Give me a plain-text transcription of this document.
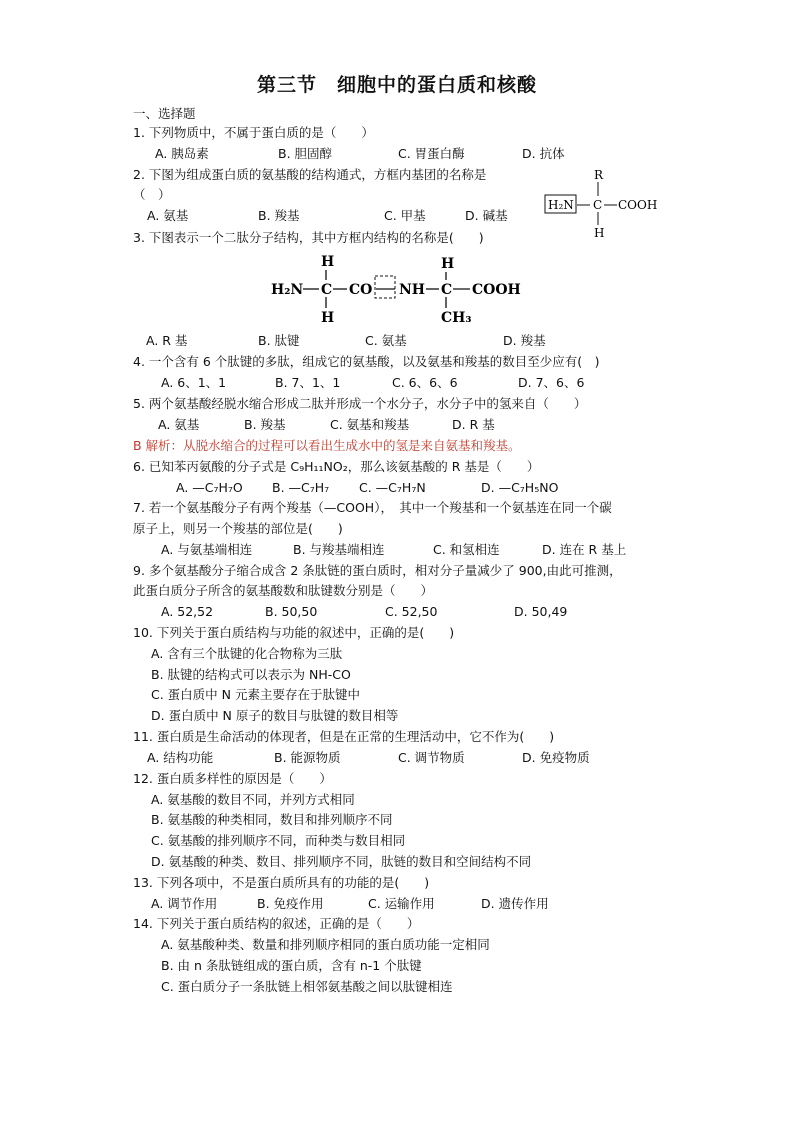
第三节　细胞中的蛋白质和核酸
一、选择题
1. 下列物质中，不属于蛋白质的是（　　）
A. 胰岛素	B. 胆固醇	C. 胃蛋白酶	D. 抗体
2. 下图为组成蛋白质的氨基酸的结构通式，方框内基团的名称是
（　）
A. 氨基	B. 羧基	C. 甲基	D. 碱基
R
H₂N C COOH
H
3. 下图表示一个二肽分子结构，其中方框内结构的名称是(　　)
H	H
H₂N C CO NH C COOH
H	CH₃
A. R 基	B. 肽键	C. 氨基	D. 羧基
4. 一个含有 6 个肽键的多肽，组成它的氨基酸，以及氨基和羧基的数目至少应有(　)
A. 6、1、1	B. 7、1、1	C. 6、6、6	D. 7、6、6
5. 两个氨基酸经脱水缩合形成二肽并形成一个水分子，水分子中的氢来自（　　）
A. 氨基	B. 羧基	C. 氨基和羧基	D. R 基
B 解析：从脱水缩合的过程可以看出生成水中的氢是来自氨基和羧基。
6. 已知苯丙氨酸的分子式是 C₉H₁₁NO₂，那么该氨基酸的 R 基是（　　）
A. —C₇H₇O B. —C₇H₇ C. —C₇H₇N	D. —C₇H₅NO
7. 若一个氨基酸分子有两个羧基（—COOH），　其中一个羧基和一个氨基连在同一个碳
原子上，则另一个羧基的部位是(　　)
A. 与氨基端相连	B. 与羧基端相连	C. 和氢相连	D. 连在 R 基上
9. 多个氨基酸分子缩合成含 2 条肽链的蛋白质时，相对分子量减少了 900,由此可推测，
此蛋白质分子所含的氨基酸数和肽键数分别是（　　）
A. 52,52	B. 50,50	C. 52,50	D. 50,49
10. 下列关于蛋白质结构与功能的叙述中，正确的是(　　)
A. 含有三个肽键的化合物称为三肽
B. 肽键的结构式可以表示为 NH-CO
C. 蛋白质中 N 元素主要存在于肽键中
D. 蛋白质中 N 原子的数目与肽键的数目相等
11. 蛋白质是生命活动的体现者，但是在正常的生理活动中，它不作为(　　)
A. 结构功能	B. 能源物质	C. 调节物质	D. 免疫物质
12. 蛋白质多样性的原因是（　　）
A. 氨基酸的数目不同，并列方式相同
B. 氨基酸的种类相同，数目和排列顺序不同
C. 氨基酸的排列顺序不同，而种类与数目相同
D. 氨基酸的种类、数目、排列顺序不同，肽链的数目和空间结构不同
13. 下列各项中，不是蛋白质所具有的功能的是(　　)
A. 调节作用	B. 免疫作用	C. 运输作用	D. 遗传作用
14. 下列关于蛋白质结构的叙述，正确的是（　　）
A. 氨基酸种类、数量和排列顺序相同的蛋白质功能一定相同
B. 由 n 条肽链组成的蛋白质，含有 n-1 个肽键
C. 蛋白质分子一条肽链上相邻氨基酸之间以肽键相连
